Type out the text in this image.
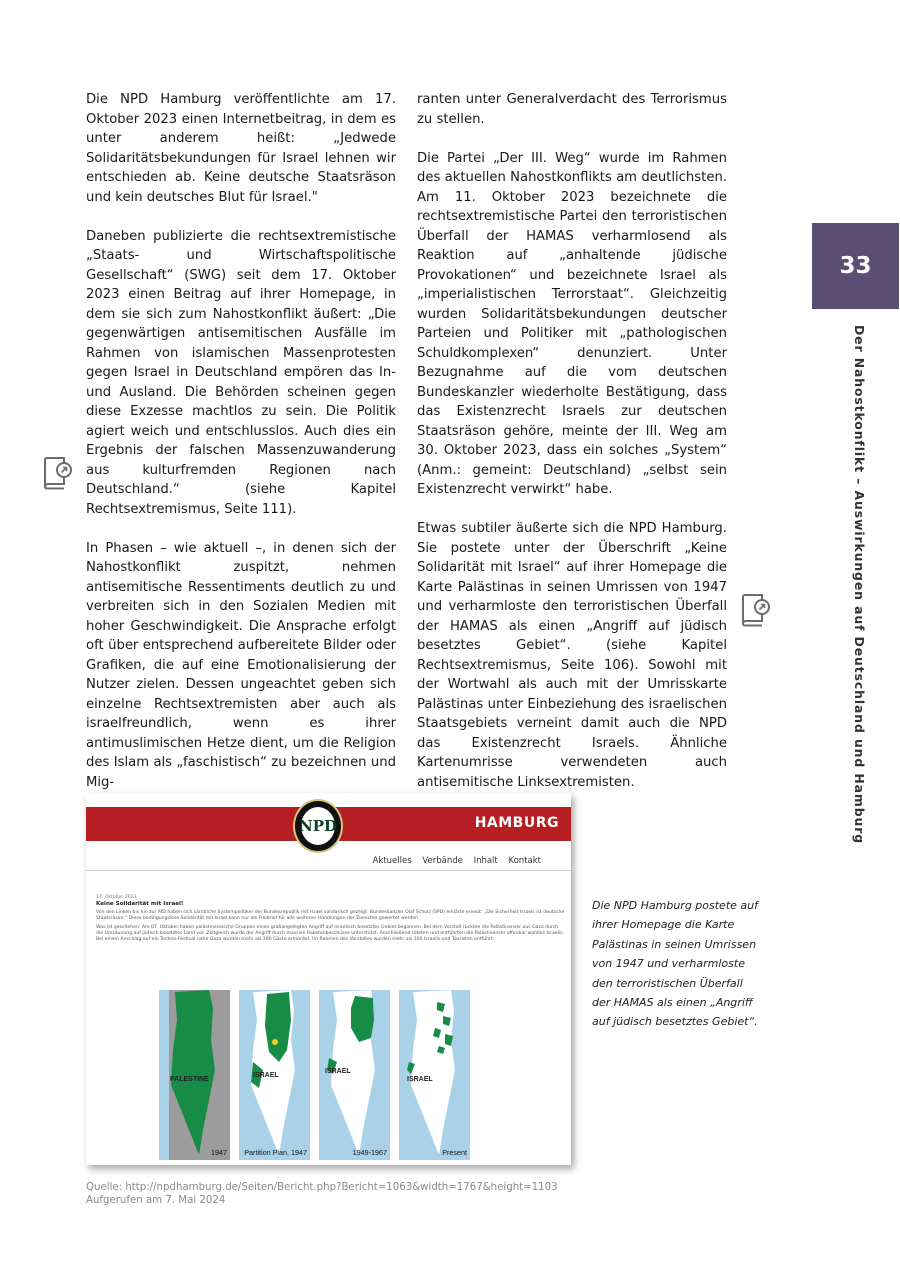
Die NPD Hamburg veröffentlichte am 17. Oktober 2023 einen Internetbeitrag, in dem es unter anderem heißt: „Jedwede Solidaritätsbekundungen für Israel lehnen wir entschieden ab. Keine deutsche Staatsräson und kein deutsches Blut für Israel."

Daneben publizierte die rechtsextremistische „Staats- und Wirtschaftspolitische Gesellschaft“ (SWG) seit dem 17. Oktober 2023 einen Beitrag auf ihrer Homepage, in dem sie sich zum Nahostkonflikt äußert: „Die gegenwärtigen antisemitischen Ausfälle im Rahmen von islamischen Massenprotesten gegen Israel in Deutschland empören das In- und Ausland. Die Behörden scheinen gegen diese Exzesse machtlos zu sein. Die Politik agiert weich und entschlusslos. Auch dies ein Ergebnis der falschen Massenzuwanderung aus kulturfremden Regionen nach Deutschland.“ (siehe Kapitel Rechtsextremismus, Seite 111).

In Phasen – wie aktuell –, in denen sich der Nahostkonflikt zuspitzt, nehmen antisemitische Ressentiments deutlich zu und verbreiten sich in den Sozialen Medien mit hoher Geschwindigkeit. Die Ansprache erfolgt oft über entsprechend aufbereitete Bilder oder Grafiken, die auf eine Emotionalisierung der Nutzer zielen. Dessen ungeachtet geben sich einzelne Rechtsextremisten aber auch als israelfreundlich, wenn es ihrer antimuslimischen Hetze dient, um die Religion des Islam als „faschistisch“ zu bezeichnen und Mig-

ranten unter Generalverdacht des Terrorismus zu stellen.

Die Partei „Der III. Weg“ wurde im Rahmen des aktuellen Nahostkonflikts am deutlichsten. Am 11. Oktober 2023 bezeichnete die rechtsextremistische Partei den terroristischen Überfall der HAMAS verharmlosend als Reaktion auf „anhaltende jüdische Provokationen“ und bezeichnete Israel als „imperialistischen Terrorstaat“. Gleichzeitig wurden Solidaritätsbekundungen deutscher Parteien und Politiker mit „pathologischen Schuldkomplexen“ denunziert. Unter Bezugnahme auf die vom deutschen Bundeskanzler wiederholte Bestätigung, dass das Existenzrecht Israels zur deutschen Staatsräson gehöre, meinte der III. Weg am 30. Oktober 2023, dass ein solches „System“ (Anm.: gemeint: Deutschland) „selbst sein Existenzrecht verwirkt“ habe.

Etwas subtiler äußerte sich die NPD Hamburg. Sie postete unter der Überschrift „Keine Solidarität mit Israel“ auf ihrer Homepage die Karte Palästinas in seinen Umrissen von 1947 und verharmloste den terroristischen Überfall der HAMAS als einen „Angriff auf jüdisch besetztes Gebiet“. (siehe Kapitel Rechtsextremismus, Seite 106). Sowohl mit der Wortwahl als auch mit der Umrisskarte Palästinas unter Einbeziehung des israelischen Staatsgebiets verneint damit auch die NPD das Existenzrecht Israels. Ähnliche Kartenumrisse verwendeten auch antisemitische Linksextremisten.

33
Der Nahostkonflikt – Auswirkungen auf Deutschland und Hamburg
HAMBURG
NPD
Aktuelles Verbände Inhalt Kontakt
17. Oktober 2023
Keine Solidarität mit Israel!
Von den Linken bis hin zur AfD haben sich sämtliche Systempolitiker der Bundesrepublik mit Israel solidarisch gezeigt. Bundeskanzler Olaf Scholz (SPD) erklärte erneut: „Die Sicherheit Israels ist deutsche Staatsräson.“ Diese bedingungslose Solidarität mit Israel kann nur als Freibrief für alle weiteren Handlungen der Zionisten gewertet werden.
Was ist geschehen: Am 07. Oktober haben palästinensische Gruppen einen großangelegten Angriff auf israelisch besetztes Gebiet begonnen. Bei dem Vorstoß rückten die Palästinenser aus Gaza durch die Umzäunung auf jüdisch besetztes Land vor. Zeitgleich wurde der Angriff durch massive Raketenbeschüsse unterstützt. Anschließend töteten und entführten die Palästinenser offenbar wahllos Israelis. Bei einem Anschlag auf ein Techno-Festival nahe Gaza wurden mehr als 260 Gäste ermordet. Im Rahmen des Vorstoßes wurden mehr als 100 Israelis und Touristen entführt.
PALESTINE
1947
ISRAEL
Partition Plan, 1947
ISRAEL
1949-1967
ISRAEL
Present
Die NPD Hamburg postete auf ihrer Homepage die Karte Palästinas in seinen Umrissen von 1947 und verharmloste den terroristischen Überfall der HAMAS als einen „Angriff auf jüdisch besetztes Gebiet“.
Quelle: http://npdhamburg.de/Seiten/Bericht.php?Bericht=1063&width=1767&height=1103
Aufgerufen am 7. Mai 2024
